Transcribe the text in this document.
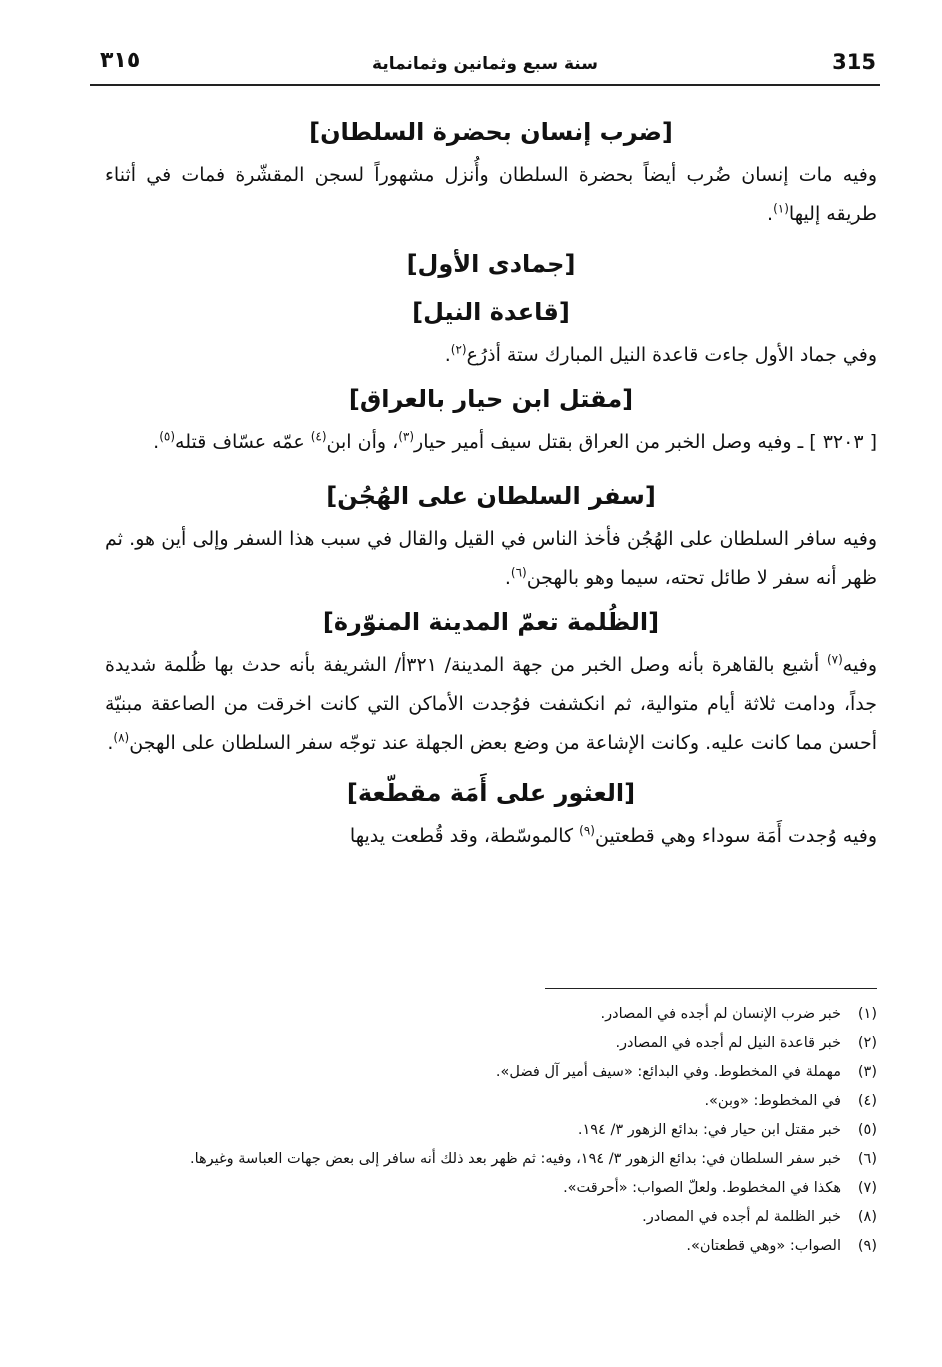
٣١٥	سنة سبع وثمانين وثمانماية	315
[ضرب إنسان بحضرة السلطان]

وفيه مات إنسان ضُرب أيضاً بحضرة السلطان وأُنزل مشهوراً لسجن المقشّرة فمات في أثناء طريقه إليها$^{(١)}$.

[جمادى الأول]
[قاعدة النيل]

وفي جماد الأول جاءت قاعدة النيل المبارك ستة أذرُع$^{(٢)}$.

[مقتل ابن حيار بالعراق]

[ ٣٢٠٣ ] ـ وفيه وصل الخبر من العراق بقتل سيف أمير حيار$^{(٣)}$، وأن ابن$^{(٤)}$ عمّه عسّاف قتله$^{(٥)}$.

[سفر السلطان على الهُجُن]

وفيه سافر السلطان على الهُجُن فأخذ الناس في القيل والقال في سبب هذا السفر وإلى أين هو. ثم ظهر أنه سفر لا طائل تحته، سيما وهو بالهجن$^{(٦)}$.

[الظُلمة تعمّ المدينة المنوّرة]

وفيه$^{(٧)}$ أشيع بالقاهرة بأنه وصل الخبر من جهة المدينة/ ٣٢١أ/ الشريفة بأنه حدث بها ظُلمة شديدة جداً، ودامت ثلاثة أيام متوالية، ثم انكشفت فوُجدت الأماكن التي كانت اخرقت من الصاعقة مبنيّة أحسن مما كانت عليه. وكانت الإشاعة من وضع بعض الجهلة عند توجّه سفر السلطان على الهجن$^{(٨)}$.

[العثور على أَمَة مقطّعة]

وفيه وُجدت أَمَة سوداء وهي قطعتين$^{(٩)}$ كالموسّطة، وقد قُطعت يديها

(١)
خبر ضرب الإنسان لم أجده في المصادر.
(٢)
خبر قاعدة النيل لم أجده في المصادر.
(٣)
مهملة في المخطوط. وفي البدائع: «سيف أمير آل فضل».
(٤)
في المخطوط: «وبن».
(٥)
خبر مقتل ابن حيار في: بدائع الزهور ٣/ ١٩٤.
(٦)
خبر سفر السلطان في: بدائع الزهور ٣/ ١٩٤، وفيه: ثم ظهر بعد ذلك أنه سافر إلى بعض جهات العباسة وغيرها.
(٧)
هكذا في المخطوط. ولعلّ الصواب: «أحرقت».
(٨)
خبر الظلمة لم أجده في المصادر.
(٩)
الصواب: «وهي قطعتان».
